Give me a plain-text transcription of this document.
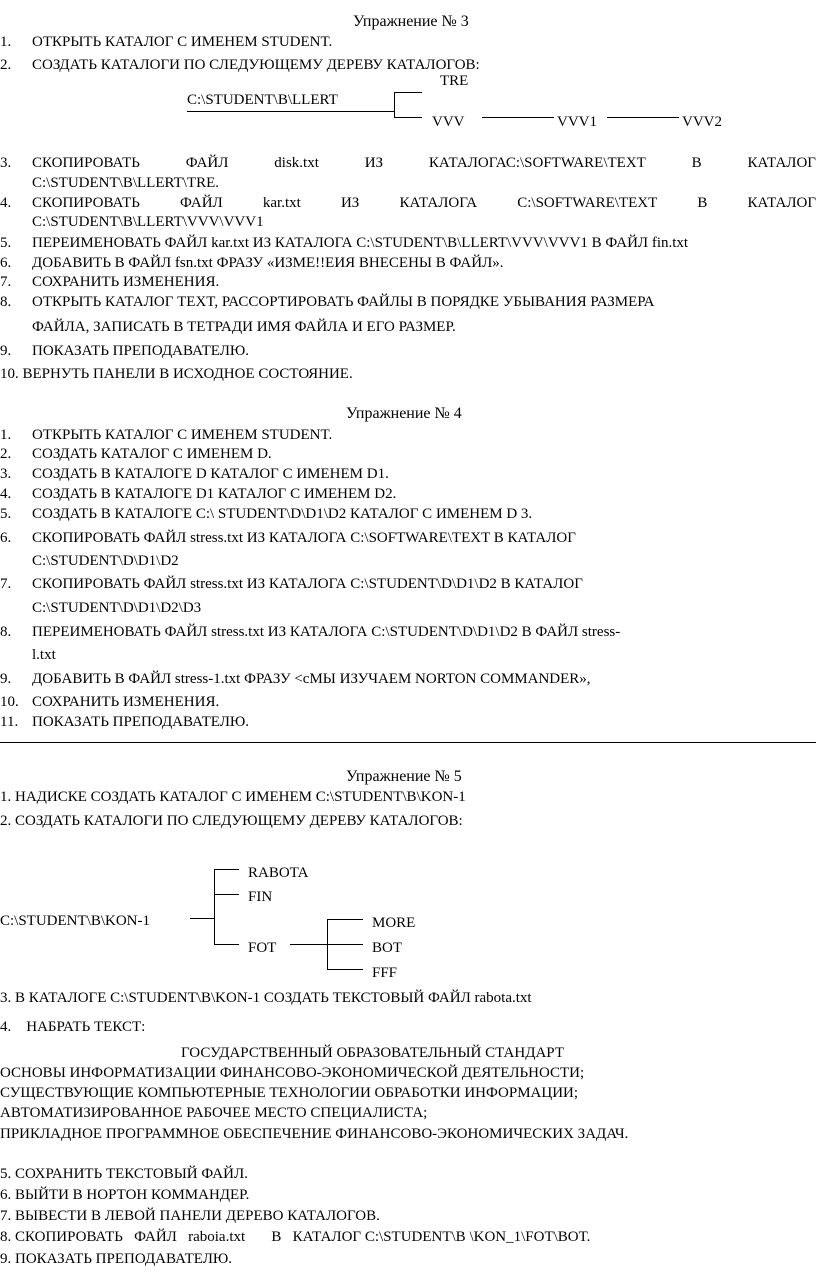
Упражнение № 3
1. ОТКРЫТЬ КАТАЛОГ С ИМЕНЕМ STUDENT.
2. СОЗДАТЬ КАТАЛОГИ ПО СЛЕДУЮЩЕМУ ДЕРЕВУ КАТАЛОГОВ:
C:\STUDENT\B\LLERT
TRE
VVV	VVV1	VVV2
3. СКОПИРОВАТЬ	ФАЙЛ	disk.txt	ИЗ	КАТАЛОГАС:\SOFTWARE\TEXT	В	КАТАЛОГ
C:\STUDENT\B\LLERT\TRE.
4. СКОПИРОВАТЬ	ФАЙЛ	kar.txt	ИЗ	КАТАЛОГА	C:\SOFTWARE\TEXT	В	КАТАЛОГ
C:\STUDENT\B\LLERT\VVV\VVV1
5. ПЕРЕИМЕНОВАТЬ ФАЙЛ kar.txt ИЗ КАТАЛОГА C:\STUDENT\B\LLERT\VVV\VVV1 В ФАЙЛ fin.txt
6. ДОБАВИТЬ В ФАЙЛ fsn.txt ФРАЗУ «ИЗМЕ!!ЕИЯ ВНЕСЕНЫ В ФАЙЛ».
7. СОХРАНИТЬ ИЗМЕНЕНИЯ.
8. ОТКРЫТЬ КАТАЛОГ TEXT, РАССОРТИРОВАТЬ ФАЙЛЫ В ПОРЯДКЕ УБЫВАНИЯ РАЗМЕРА
ФАЙЛА, ЗАПИСАТЬ В ТЕТРАДИ ИМЯ ФАЙЛА И ЕГО РАЗМЕР.
9. ПОКАЗАТЬ ПРЕПОДАВАТЕЛЮ.
10. ВЕРНУТЬ ПАНЕЛИ В ИСХОДНОЕ СОСТОЯНИЕ.
Упражнение № 4
1. ОТКРЫТЬ КАТАЛОГ С ИМЕНЕМ STUDENT.
2. СОЗДАТЬ КАТАЛОГ С ИМЕНЕМ D.
3. СОЗДАТЬ В КАТАЛОГЕ D КАТАЛОГ С ИМЕНЕМ D1.
4. СОЗДАТЬ В КАТАЛОГЕ D1 КАТАЛОГ С ИМЕНЕМ D2.
5. СОЗДАТЬ В КАТАЛОГЕ C:\ STUDENT\D\D1\D2 КАТАЛОГ С ИМЕНЕМ D 3.
6. СКОПИРОВАТЬ ФАЙЛ stress.txt ИЗ КАТАЛОГА C:\SOFTWARE\TEXT В КАТАЛОГ
C:\STUDENT\D\D1\D2
7. СКОПИРОВАТЬ ФАЙЛ stress.txt ИЗ КАТАЛОГА C:\STUDENT\D\D1\D2 В КАТАЛОГ
C:\STUDENT\D\D1\D2\D3
8. ПЕРЕИМЕНОВАТЬ ФАЙЛ stress.txt ИЗ КАТАЛОГА C:\STUDENT\D\D1\D2 В ФАЙЛ stress-
l.txt
9. ДОБАВИТЬ В ФАЙЛ stress-1.txt ФРАЗУ <сМЫ ИЗУЧАЕМ NORTON COMMANDER»,
10. СОХРАНИТЬ ИЗМЕНЕНИЯ.
11. ПОКАЗАТЬ ПРЕПОДАВАТЕЛЮ.
Упражнение № 5
1. НАДИСКЕ СОЗДАТЬ КАТАЛОГ С ИМЕНЕМ C:\STUDENT\B\KON-1
2. СОЗДАТЬ КАТАЛОГИ ПО СЛЕДУЮЩЕМУ ДЕРЕВУ КАТАЛОГОВ:
C:\STUDENT\B\KON-1
RABOTA
FIN
FOT
MORE
BOT
FFF
3. В КАТАЛОГЕ C:\STUDENT\B\KON-1 СОЗДАТЬ ТЕКСТОВЫЙ ФАЙЛ rabota.txt
4.    НАБРАТЬ ТЕКСТ:
ГОСУДАРСТВЕННЫЙ ОБРАЗОВАТЕЛЬНЫЙ СТАНДАРТ
ОСНОВЫ ИНФОРМАТИЗАЦИИ ФИНАНСОВО-ЭКОНОМИЧЕСКОЙ ДЕЯТЕЛЬНОСТИ;
СУЩЕСТВУЮЩИЕ КОМПЬЮТЕРНЫЕ ТЕХНОЛОГИИ ОБРАБОТКИ ИНФОРМАЦИИ;
АВТОМАТИЗИРОВАННОЕ РАБОЧЕЕ МЕСТО СПЕЦИАЛИСТА;
ПРИКЛАДНОЕ ПРОГРАММНОЕ ОБЕСПЕЧЕНИЕ ФИНАНСОВО-ЭКОНОМИЧЕСКИХ ЗАДАЧ.
5. СОХРАНИТЬ ТЕКСТОВЫЙ ФАЙЛ.
6. ВЫЙТИ В НОРТОН КОММАНДЕР.
7. ВЫВЕСТИ В ЛЕВОЙ ПАНЕЛИ ДЕРЕВО КАТАЛОГОВ.
8. СКОПИРОВАТЬ   ФАЙЛ   raboia.txt       В   КАТАЛОГ C:\STUDENT\B \KON_1\FOT\BOT.
9. ПОКАЗАТЬ ПРЕПОДАВАТЕЛЮ.
